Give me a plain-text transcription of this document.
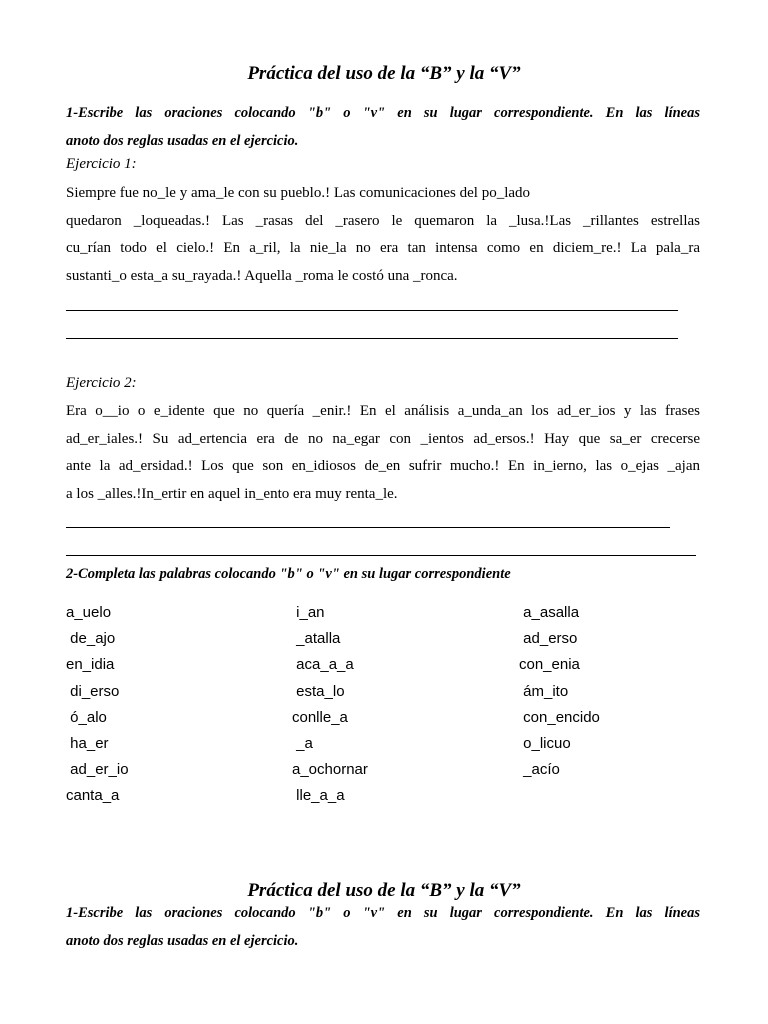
Práctica del uso de la “B” y la “V”
1-Escribe las oraciones colocando "b" o "v" en su lugar correspondiente. En las líneas
anoto dos reglas usadas en el ejercicio.
Ejercicio 1:
Siempre fue no_le y ama_le con su pueblo.! Las comunicaciones del po_lado
quedaron _loqueadas.! Las _rasas del _rasero le quemaron la _lusa.!Las _rillantes estrellas
cu_rían todo el cielo.! En a_ril, la nie_la no era tan intensa como en diciem_re.! La pala_ra
sustanti_o esta_a su_rayada.! Aquella _roma le costó una _ronca.
Ejercicio 2:
Era o__io o e_idente que no quería _enir.! En el análisis a_unda_an los ad_er_ios y las frases
ad_er_iales.! Su ad_ertencia era de no na_egar con _ientos ad_ersos.! Hay que sa_er crecerse
ante la ad_ersidad.! Los que son en_idiosos de_en sufrir mucho.! En in_ierno, las o_ejas _ajan
a los _alles.!In_ertir en aquel in_ento era muy renta_le.
2-Completa las palabras colocando "b" o "v" en su lugar correspondiente
a_uelo
de_ajo
en_idia
di_erso
ó_alo
ha_er
ad_er_io
canta_a
i_an
_atalla
aca_a_a
esta_lo
conlle_a
_a
a_ochornar
lle_a_a
a_asalla
ad_erso
con_enia
ám_ito
con_encido
o_licuo
_acío
Práctica del uso de la “B” y la “V”
1-Escribe las oraciones colocando "b" o "v" en su lugar correspondiente. En las líneas
anoto dos reglas usadas en el ejercicio.
